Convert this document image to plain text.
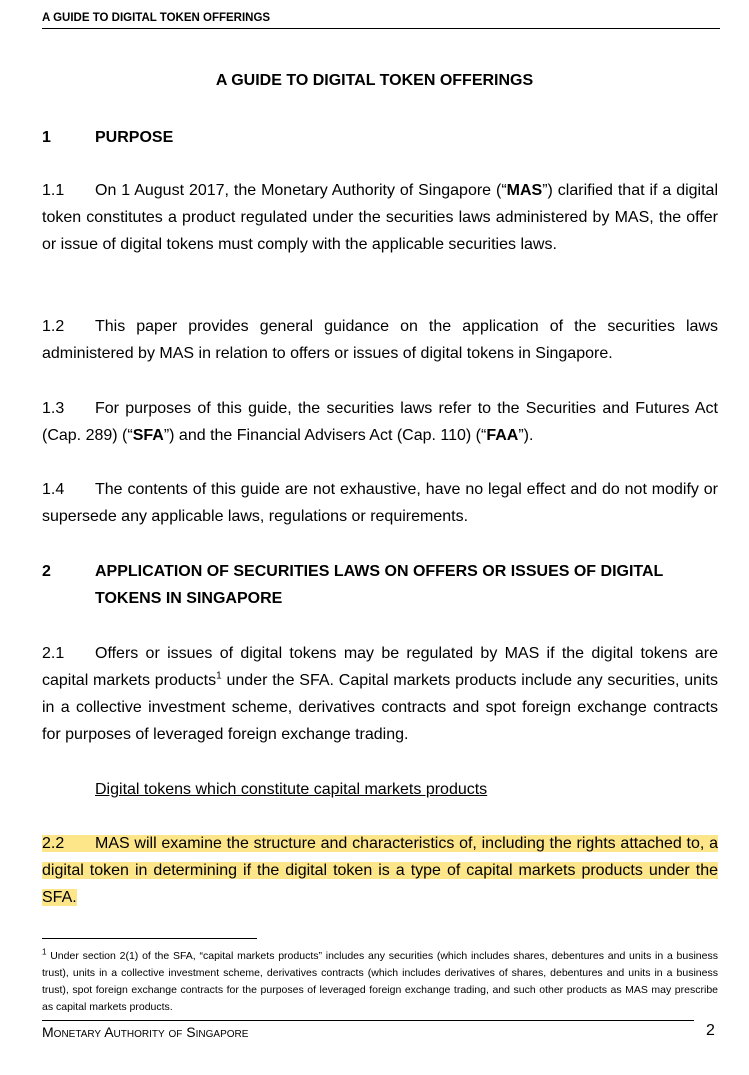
A GUIDE TO DIGITAL TOKEN OFFERINGS
A GUIDE TO DIGITAL TOKEN OFFERINGS
1	PURPOSE
1.1 On 1 August 2017, the Monetary Authority of Singapore (“MAS”) clarified that if a digital token constitutes a product regulated under the securities laws administered by MAS, the offer or issue of digital tokens must comply with the applicable securities laws.
1.2 This paper provides general guidance on the application of the securities laws administered by MAS in relation to offers or issues of digital tokens in Singapore.
1.3 For purposes of this guide, the securities laws refer to the Securities and Futures Act (Cap. 289) (“SFA”) and the Financial Advisers Act (Cap. 110) (“FAA”).
1.4 The contents of this guide are not exhaustive, have no legal effect and do not modify or supersede any applicable laws, regulations or requirements.
2	APPLICATION OF SECURITIES LAWS ON OFFERS OR ISSUES OF DIGITAL TOKENS IN SINGAPORE
2.1 Offers or issues of digital tokens may be regulated by MAS if the digital tokens are capital markets products$^1$ under the SFA. Capital markets products include any securities, units in a collective investment scheme, derivatives contracts and spot foreign exchange contracts for purposes of leveraged foreign exchange trading.
Digital tokens which constitute capital markets products
2.2 MAS will examine the structure and characteristics of, including the rights attached to, a digital token in determining if the digital token is a type of capital markets products under the SFA.
$^1$ Under section 2(1) of the SFA, “capital markets products” includes any securities (which includes shares, debentures and units in a business trust), units in a collective investment scheme, derivatives contracts (which includes derivatives of shares, debentures and units in a business trust), spot foreign exchange contracts for the purposes of leveraged foreign exchange trading, and such other products as MAS may prescribe as capital markets products.
Monetary Authority of Singapore	2
